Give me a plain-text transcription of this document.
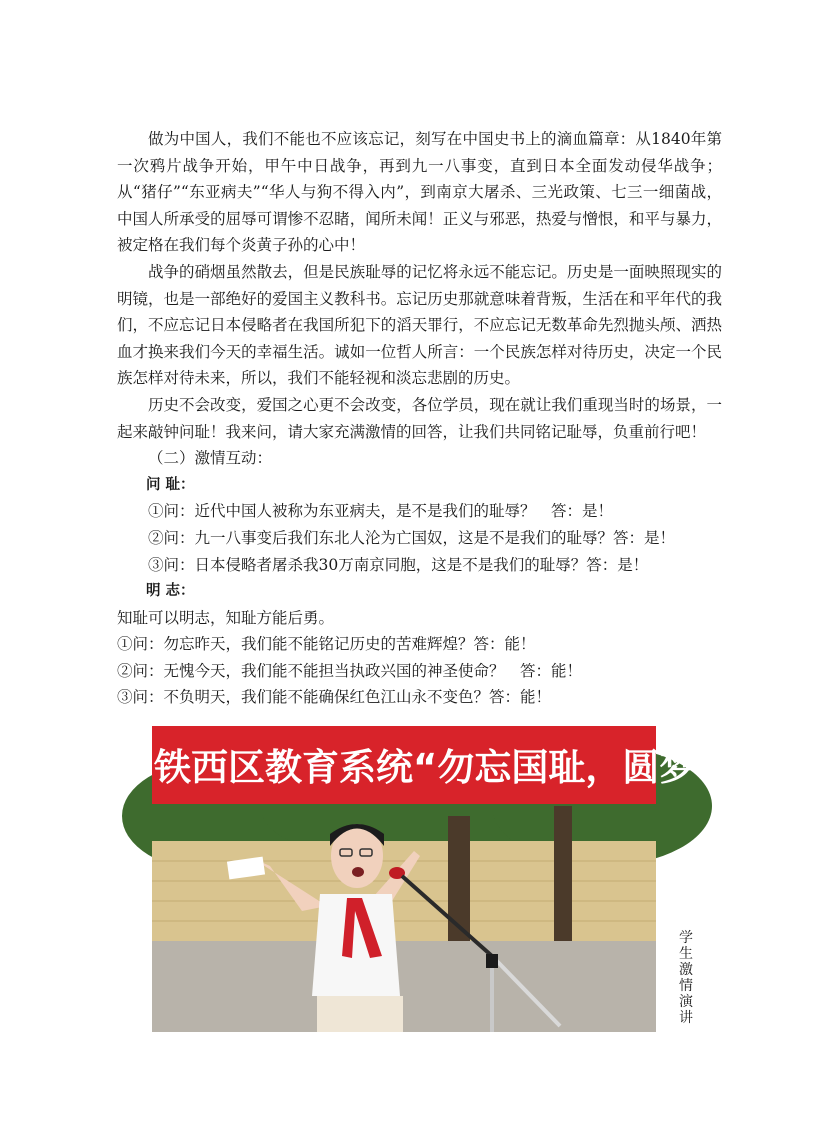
做为中国人，我们不能也不应该忘记，刻写在中国史书上的滴血篇章：从1840年第一次鸦片战争开始，甲午中日战争，再到九一八事变，直到日本全面发动侵华战争；从“猪仔”“东亚病夫”“华人与狗不得入内”，到南京大屠杀、三光政策、七三一细菌战，中国人所承受的屈辱可谓惨不忍睹，闻所未闻！正义与邪恶，热爱与憎恨，和平与暴力，被定格在我们每个炎黄子孙的心中！

战争的硝烟虽然散去，但是民族耻辱的记忆将永远不能忘记。历史是一面映照现实的明镜，也是一部绝好的爱国主义教科书。忘记历史那就意味着背叛，生活在和平年代的我们，不应忘记日本侵略者在我国所犯下的滔天罪行，不应忘记无数革命先烈抛头颅、洒热血才换来我们今天的幸福生活。诚如一位哲人所言：一个民族怎样对待历史，决定一个民族怎样对待未来，所以，我们不能轻视和淡忘悲剧的历史。

历史不会改变，爱国之心更不会改变，各位学员，现在就让我们重现当时的场景，一起来敲钟问耻！我来问，请大家充满激情的回答，让我们共同铭记耻辱，负重前行吧！

（二）激情互动：
问 耻：
①问：近代中国人被称为东亚病夫，是不是我们的耻辱？　答：是！
②问：九一八事变后我们东北人沦为亡国奴，这是不是我们的耻辱？答：是！
③问：日本侵略者屠杀我30万南京同胞，这是不是我们的耻辱？答：是！
明 志：
知耻可以明志，知耻方能后勇。
①问：勿忘昨天，我们能不能铭记历史的苦难辉煌？答：能！
②问：无愧今天，我们能不能担当执政兴国的神圣使命？　答：能！
③问：不负明天，我们能不能确保红色江山永不变色？答：能！
铁西区教育系统“勿忘国耻，圆梦中华”活
学
生
激
情
演
讲
